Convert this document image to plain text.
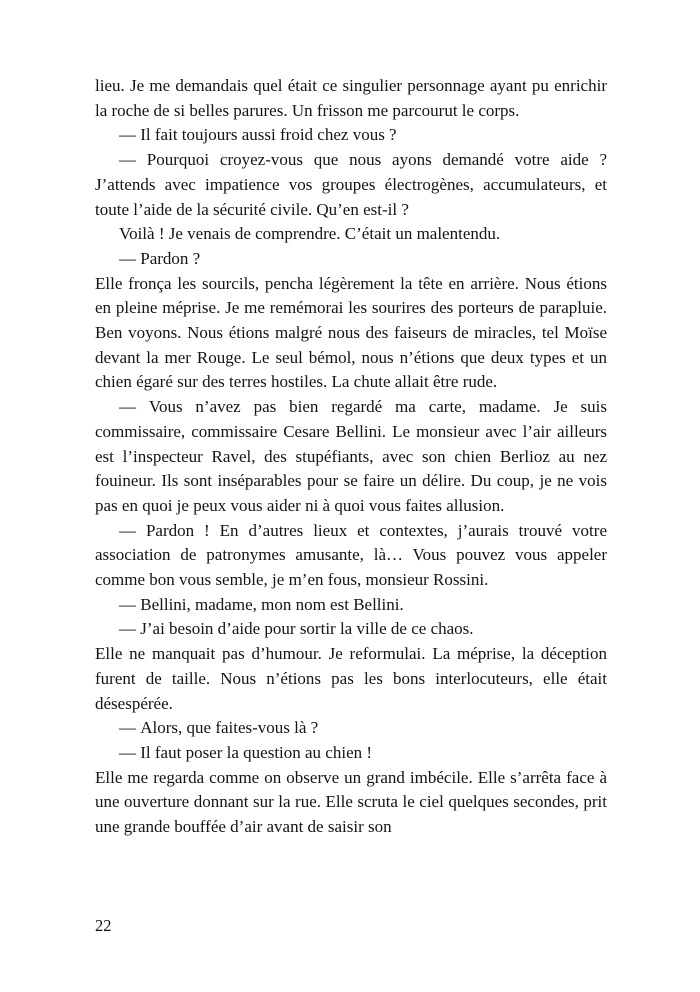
lieu. Je me demandais quel était ce singulier personnage ayant pu enrichir la roche de si belles parures. Un frisson me parcourut le corps.

— Il fait toujours aussi froid chez vous ?

— Pourquoi croyez-vous que nous ayons demandé votre aide ? J’attends avec impatience vos groupes électrogènes, accumulateurs, et toute l’aide de la sécurité civile. Qu’en est-il ?

Voilà ! Je venais de comprendre. C’était un malentendu.

— Pardon ?

Elle fronça les sourcils, pencha légèrement la tête en arrière. Nous étions en pleine méprise. Je me remémorai les sourires des porteurs de parapluie. Ben voyons. Nous étions malgré nous des faiseurs de miracles, tel Moïse devant la mer Rouge. Le seul bémol, nous n’étions que deux types et un chien égaré sur des terres hostiles. La chute allait être rude.

— Vous n’avez pas bien regardé ma carte, madame. Je suis commissaire, commissaire Cesare Bellini. Le monsieur avec l’air ailleurs est l’inspecteur Ravel, des stupéfiants, avec son chien Berlioz au nez fouineur. Ils sont inséparables pour se faire un délire. Du coup, je ne vois pas en quoi je peux vous aider ni à quoi vous faites allusion.

— Pardon ! En d’autres lieux et contextes, j’aurais trouvé votre association de patronymes amusante, là… Vous pouvez vous appeler comme bon vous semble, je m’en fous, monsieur Rossini.

— Bellini, madame, mon nom est Bellini.

— J’ai besoin d’aide pour sortir la ville de ce chaos.

Elle ne manquait pas d’humour. Je reformulai. La méprise, la déception furent de taille. Nous n’étions pas les bons interlocuteurs, elle était désespérée.

— Alors, que faites-vous là ?

— Il faut poser la question au chien !

Elle me regarda comme on observe un grand imbécile. Elle s’arrêta face à une ouverture donnant sur la rue. Elle scruta le ciel quelques secondes, prit une grande bouffée d’air avant de saisir son

22
